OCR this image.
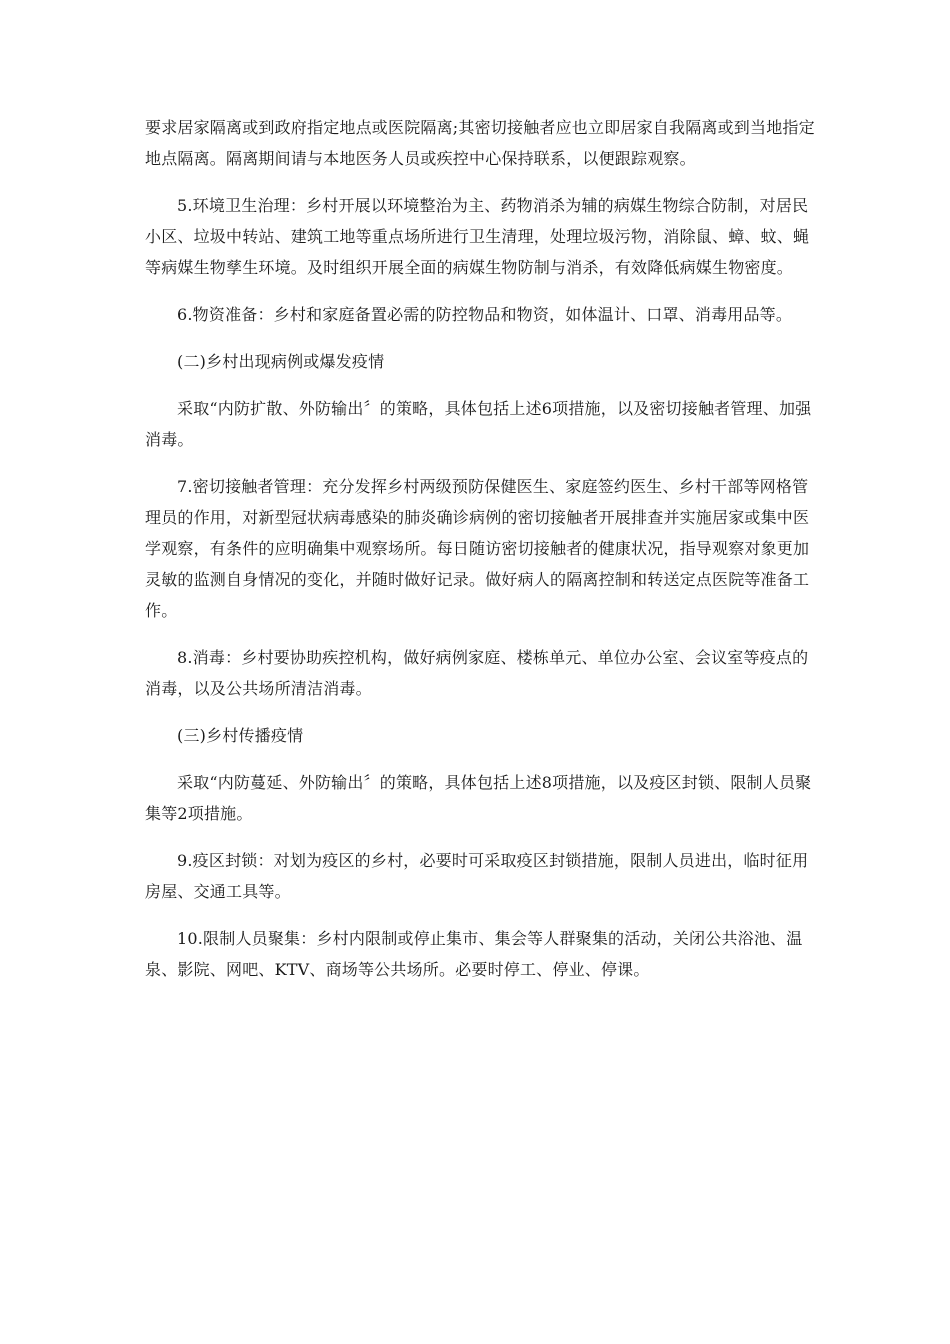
要求居家隔离或到政府指定地点或医院隔离;其密切接触者应也立即居家自我隔离或到当地指定地点隔离。隔离期间请与本地医务人员或疾控中心保持联系，以便跟踪观察。

5.环境卫生治理：乡村开展以环境整治为主、药物消杀为辅的病媒生物综合防制，对居民小区、垃圾中转站、建筑工地等重点场所进行卫生清理，处理垃圾污物，消除鼠、蟑、蚊、蝇等病媒生物孳生环境。及时组织开展全面的病媒生物防制与消杀，有效降低病媒生物密度。

6.物资准备：乡村和家庭备置必需的防控物品和物资，如体温计、口罩、消毒用品等。

(二)乡村出现病例或爆发疫情

采取“内防扩散、外防输出〞的策略，具体包括上述6项措施，以及密切接触者管理、加强消毒。

7.密切接触者管理：充分发挥乡村两级预防保健医生、家庭签约医生、乡村干部等网格管理员的作用，对新型冠状病毒感染的肺炎确诊病例的密切接触者开展排查并实施居家或集中医学观察，有条件的应明确集中观察场所。每日随访密切接触者的健康状况，指导观察对象更加灵敏的监测自身情况的变化，并随时做好记录。做好病人的隔离控制和转送定点医院等准备工作。

8.消毒：乡村要协助疾控机构，做好病例家庭、楼栋单元、单位办公室、会议室等疫点的消毒，以及公共场所清洁消毒。

(三)乡村传播疫情

采取“内防蔓延、外防输出〞的策略，具体包括上述8项措施，以及疫区封锁、限制人员聚集等2项措施。

9.疫区封锁：对划为疫区的乡村，必要时可采取疫区封锁措施，限制人员进出，临时征用房屋、交通工具等。

10.限制人员聚集：乡村内限制或停止集市、集会等人群聚集的活动，关闭公共浴池、温泉、影院、网吧、KTV、商场等公共场所。必要时停工、停业、停课。
